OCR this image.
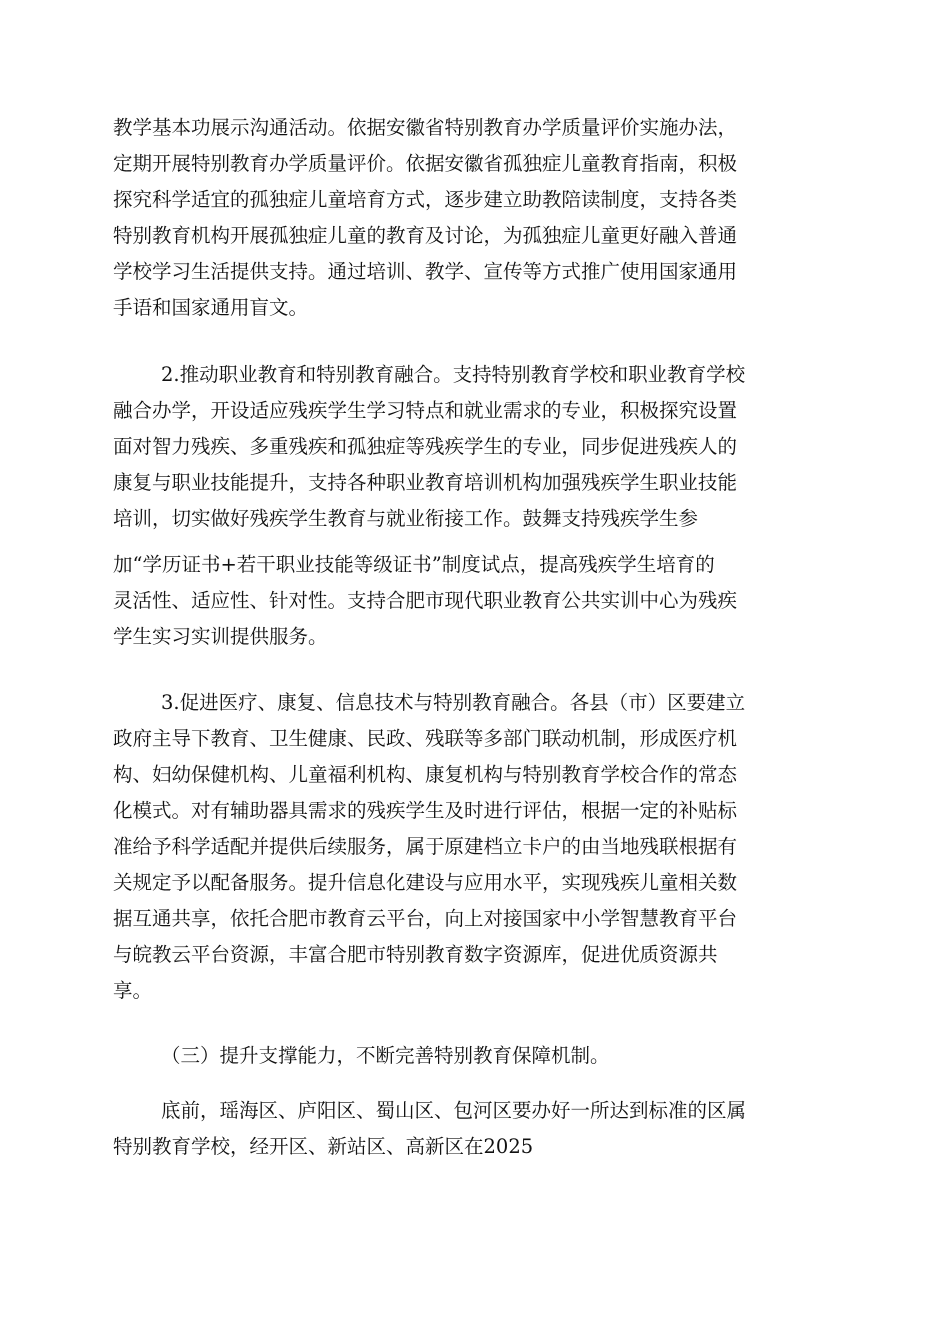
教学基本功展示沟通活动。依据安徽省特别教育办学质量评价实施办法，
定期开展特别教育办学质量评价。依据安徽省孤独症儿童教育指南，积极
探究科学适宜的孤独症儿童培育方式，逐步建立助教陪读制度，支持各类
特别教育机构开展孤独症儿童的教育及讨论，为孤独症儿童更好融入普通
学校学习生活提供支持。通过培训、教学、宣传等方式推广使用国家通用
手语和国家通用盲文。
2.推动职业教育和特别教育融合。支持特别教育学校和职业教育学校
融合办学，开设适应残疾学生学习特点和就业需求的专业，积极探究设置
面对智力残疾、多重残疾和孤独症等残疾学生的专业，同步促进残疾人的
康复与职业技能提升，支持各种职业教育培训机构加强残疾学生职业技能
培训，切实做好残疾学生教育与就业衔接工作。鼓舞支持残疾学生参
加“学历证书+若干职业技能等级证书”制度试点，提高残疾学生培育的
灵活性、适应性、针对性。支持合肥市现代职业教育公共实训中心为残疾
学生实习实训提供服务。
3.促进医疗、康复、信息技术与特别教育融合。各县（市）区要建立
政府主导下教育、卫生健康、民政、残联等多部门联动机制，形成医疗机
构、妇幼保健机构、儿童福利机构、康复机构与特别教育学校合作的常态
化模式。对有辅助器具需求的残疾学生及时进行评估，根据一定的补贴标
准给予科学适配并提供后续服务，属于原建档立卡户的由当地残联根据有
关规定予以配备服务。提升信息化建设与应用水平，实现残疾儿童相关数
据互通共享，依托合肥市教育云平台，向上对接国家中小学智慧教育平台
与皖教云平台资源，丰富合肥市特别教育数字资源库，促进优质资源共
享。
（三）提升支撑能力，不断完善特别教育保障机制。
底前，瑶海区、庐阳区、蜀山区、包河区要办好一所达到标准的区属
特别教育学校，经开区、新站区、高新区在2025
